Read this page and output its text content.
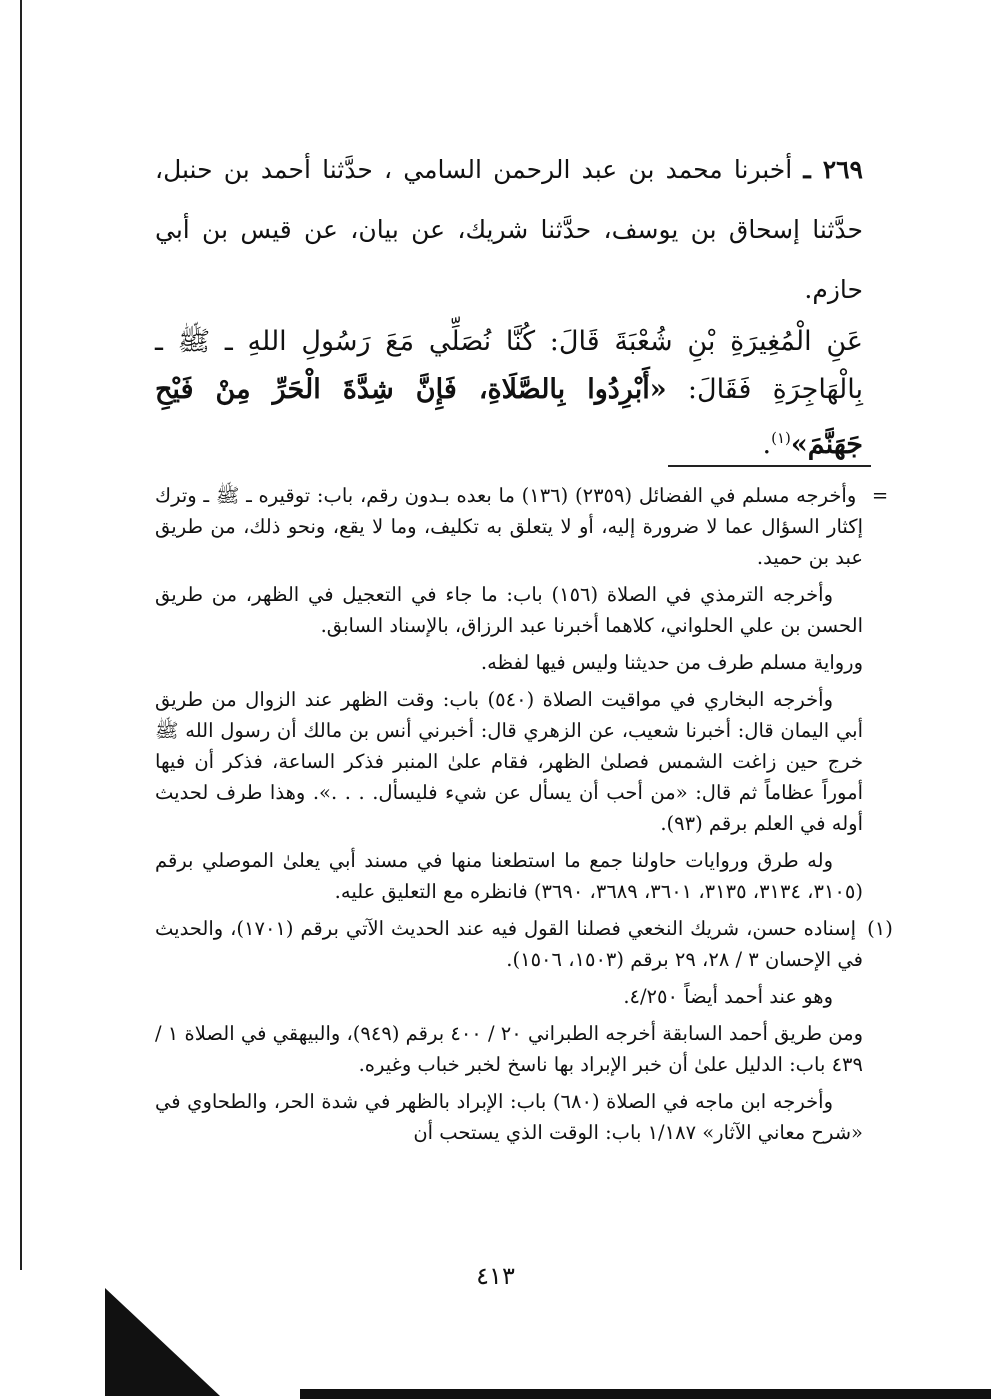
٢٦٩ ـ أخبرنا محمد بن عبد الرحمن السامي ، حدَّثنا أحمد بن حنبل، حدَّثنا إسحاق بن يوسف، حدَّثنا شريك، عن بيان، عن قيس بن أبي حازم.
عَنِ الْمُغِيرَةِ بْنِ شُعْبَةَ قَالَ: كُنَّا نُصَلِّي مَعَ رَسُولِ اللهِ ـ ﷺ ـ بِالْهَاجِرَةِ فَقَالَ: «أَبْرِدُوا بِالصَّلَاةِ، فَإِنَّ شِدَّةَ الْحَرِّ مِنْ فَيْحِ جَهَنَّمَ»$^{(١)}$.

= وأخرجه مسلم في الفضائل (٢٣٥٩) (١٣٦) ما بعده بـدون رقم، باب: توقيره ـ ﷺ ـ وترك إكثار السؤال عما لا ضرورة إليه، أو لا يتعلق به تكليف، وما لا يقع، ونحو ذلك، من طريق عبد بن حميد.

وأخرجه الترمذي في الصلاة (١٥٦) باب: ما جاء في التعجيل في الظهر، من طريق الحسن بن علي الحلواني، كلاهما أخبرنا عبد الرزاق، بالإسناد السابق.

ورواية مسلم طرف من حديثنا وليس فيها لفظه.

وأخرجه البخاري في مواقيت الصلاة (٥٤٠) باب: وقت الظهر عند الزوال من طريق أبي اليمان قال: أخبرنا شعيب، عن الزهري قال: أخبرني أنس بن مالك أن رسول الله ﷺ خرج حين زاغت الشمس فصلىٰ الظهر، فقام علىٰ المنبر فذكر الساعة، فذكر أن فيها أموراً عظاماً ثم قال: «من أحب أن يسأل عن شيء فليسأل. . . .». وهذا طرف لحديث أوله في العلم برقم (٩٣).

وله طرق وروايات حاولنا جمع ما استطعنا منها في مسند أبي يعلىٰ الموصلي برقم (٣١٠٥، ٣١٣٤، ٣١٣٥، ٣٦٠١، ٣٦٨٩، ٣٦٩٠) فانظره مع التعليق عليه.

(١) إسناده حسن، شريك النخعي فصلنا القول فيه عند الحديث الآتي برقم (١٧٠١)، والحديث في الإحسان ٣ / ٢٨، ٢٩ برقم (١٥٠٣، ١٥٠٦).

وهو عند أحمد أيضاً ٤/٢٥٠.

ومن طريق أحمد السابقة أخرجه الطبراني ٢٠ / ٤٠٠ برقم (٩٤٩)، والبيهقي في الصلاة ١ / ٤٣٩ باب: الدليل علىٰ أن خبر الإبراد بها ناسخ لخبر خباب وغيره.

وأخرجه ابن ماجه في الصلاة (٦٨٠) باب: الإبراد بالظهر في شدة الحر، والطحاوي في «شرح معاني الآثار» ١/١٨٧ باب: الوقت الذي يستحب أن

٤١٣
